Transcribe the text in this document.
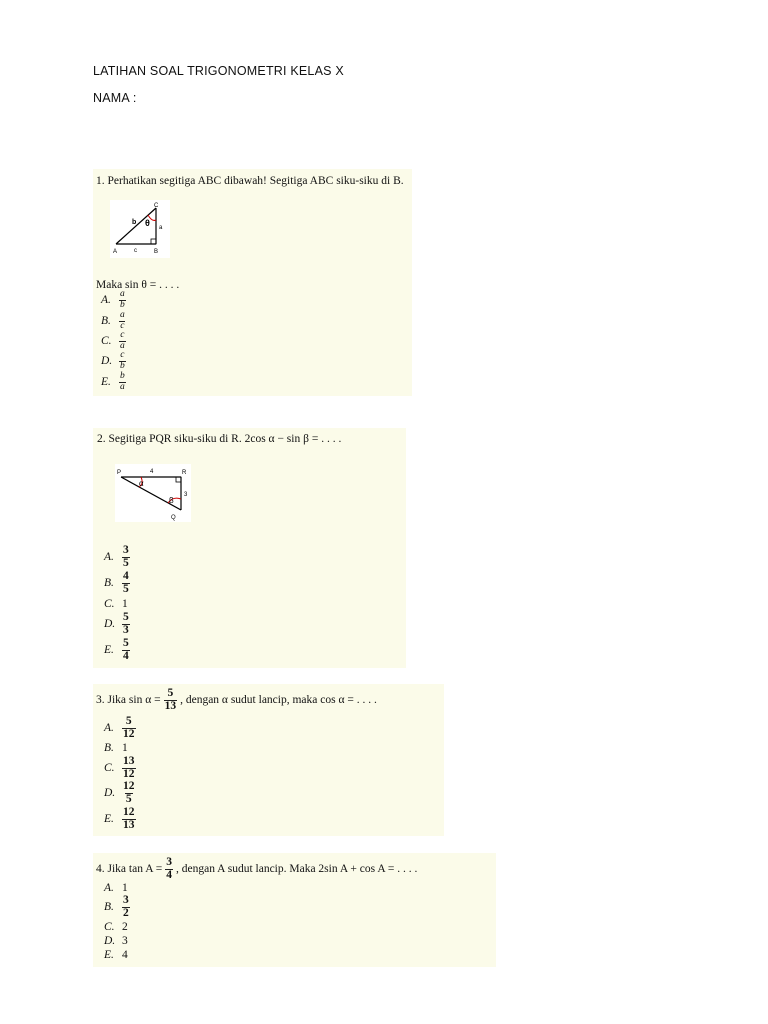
LATIHAN SOAL TRIGONOMETRI KELAS X
NAMA :
1. Perhatikan segitiga ABC dibawah! Segitiga ABC siku-siku di B.
C
A	B
a
b
c
θ
Maka sin θ = . . . .
A. $\frac{a}{b}$
B. $\frac{a}{c}$
C. $\frac{c}{a}$
D. $\frac{c}{b}$
E. $\frac{b}{a}$
2. Segitiga PQR siku-siku di R. 2cos α − sin β = . . . .
P	R
Q
4
3
α
β
A. $\frac{3}{5}$
B. $\frac{4}{5}$
C. 1
D. $\frac{5}{3}$
E. $\frac{5}{4}$
3. Jika $\sin \alpha = \frac{5}{13}$ , dengan α sudut lancip, maka cos α = . . . .
A. $\frac{5}{12}$
B. 1
C. $\frac{13}{12}$
D. $\frac{12}{5}$
E. $\frac{12}{13}$
4. Jika $\tan A = \frac{3}{4}$ , dengan A sudut lancip. Maka 2sin A + cos A = . . . .
A. 1
B. $\frac{3}{2}$
C. 2
D. 3
E. 4
